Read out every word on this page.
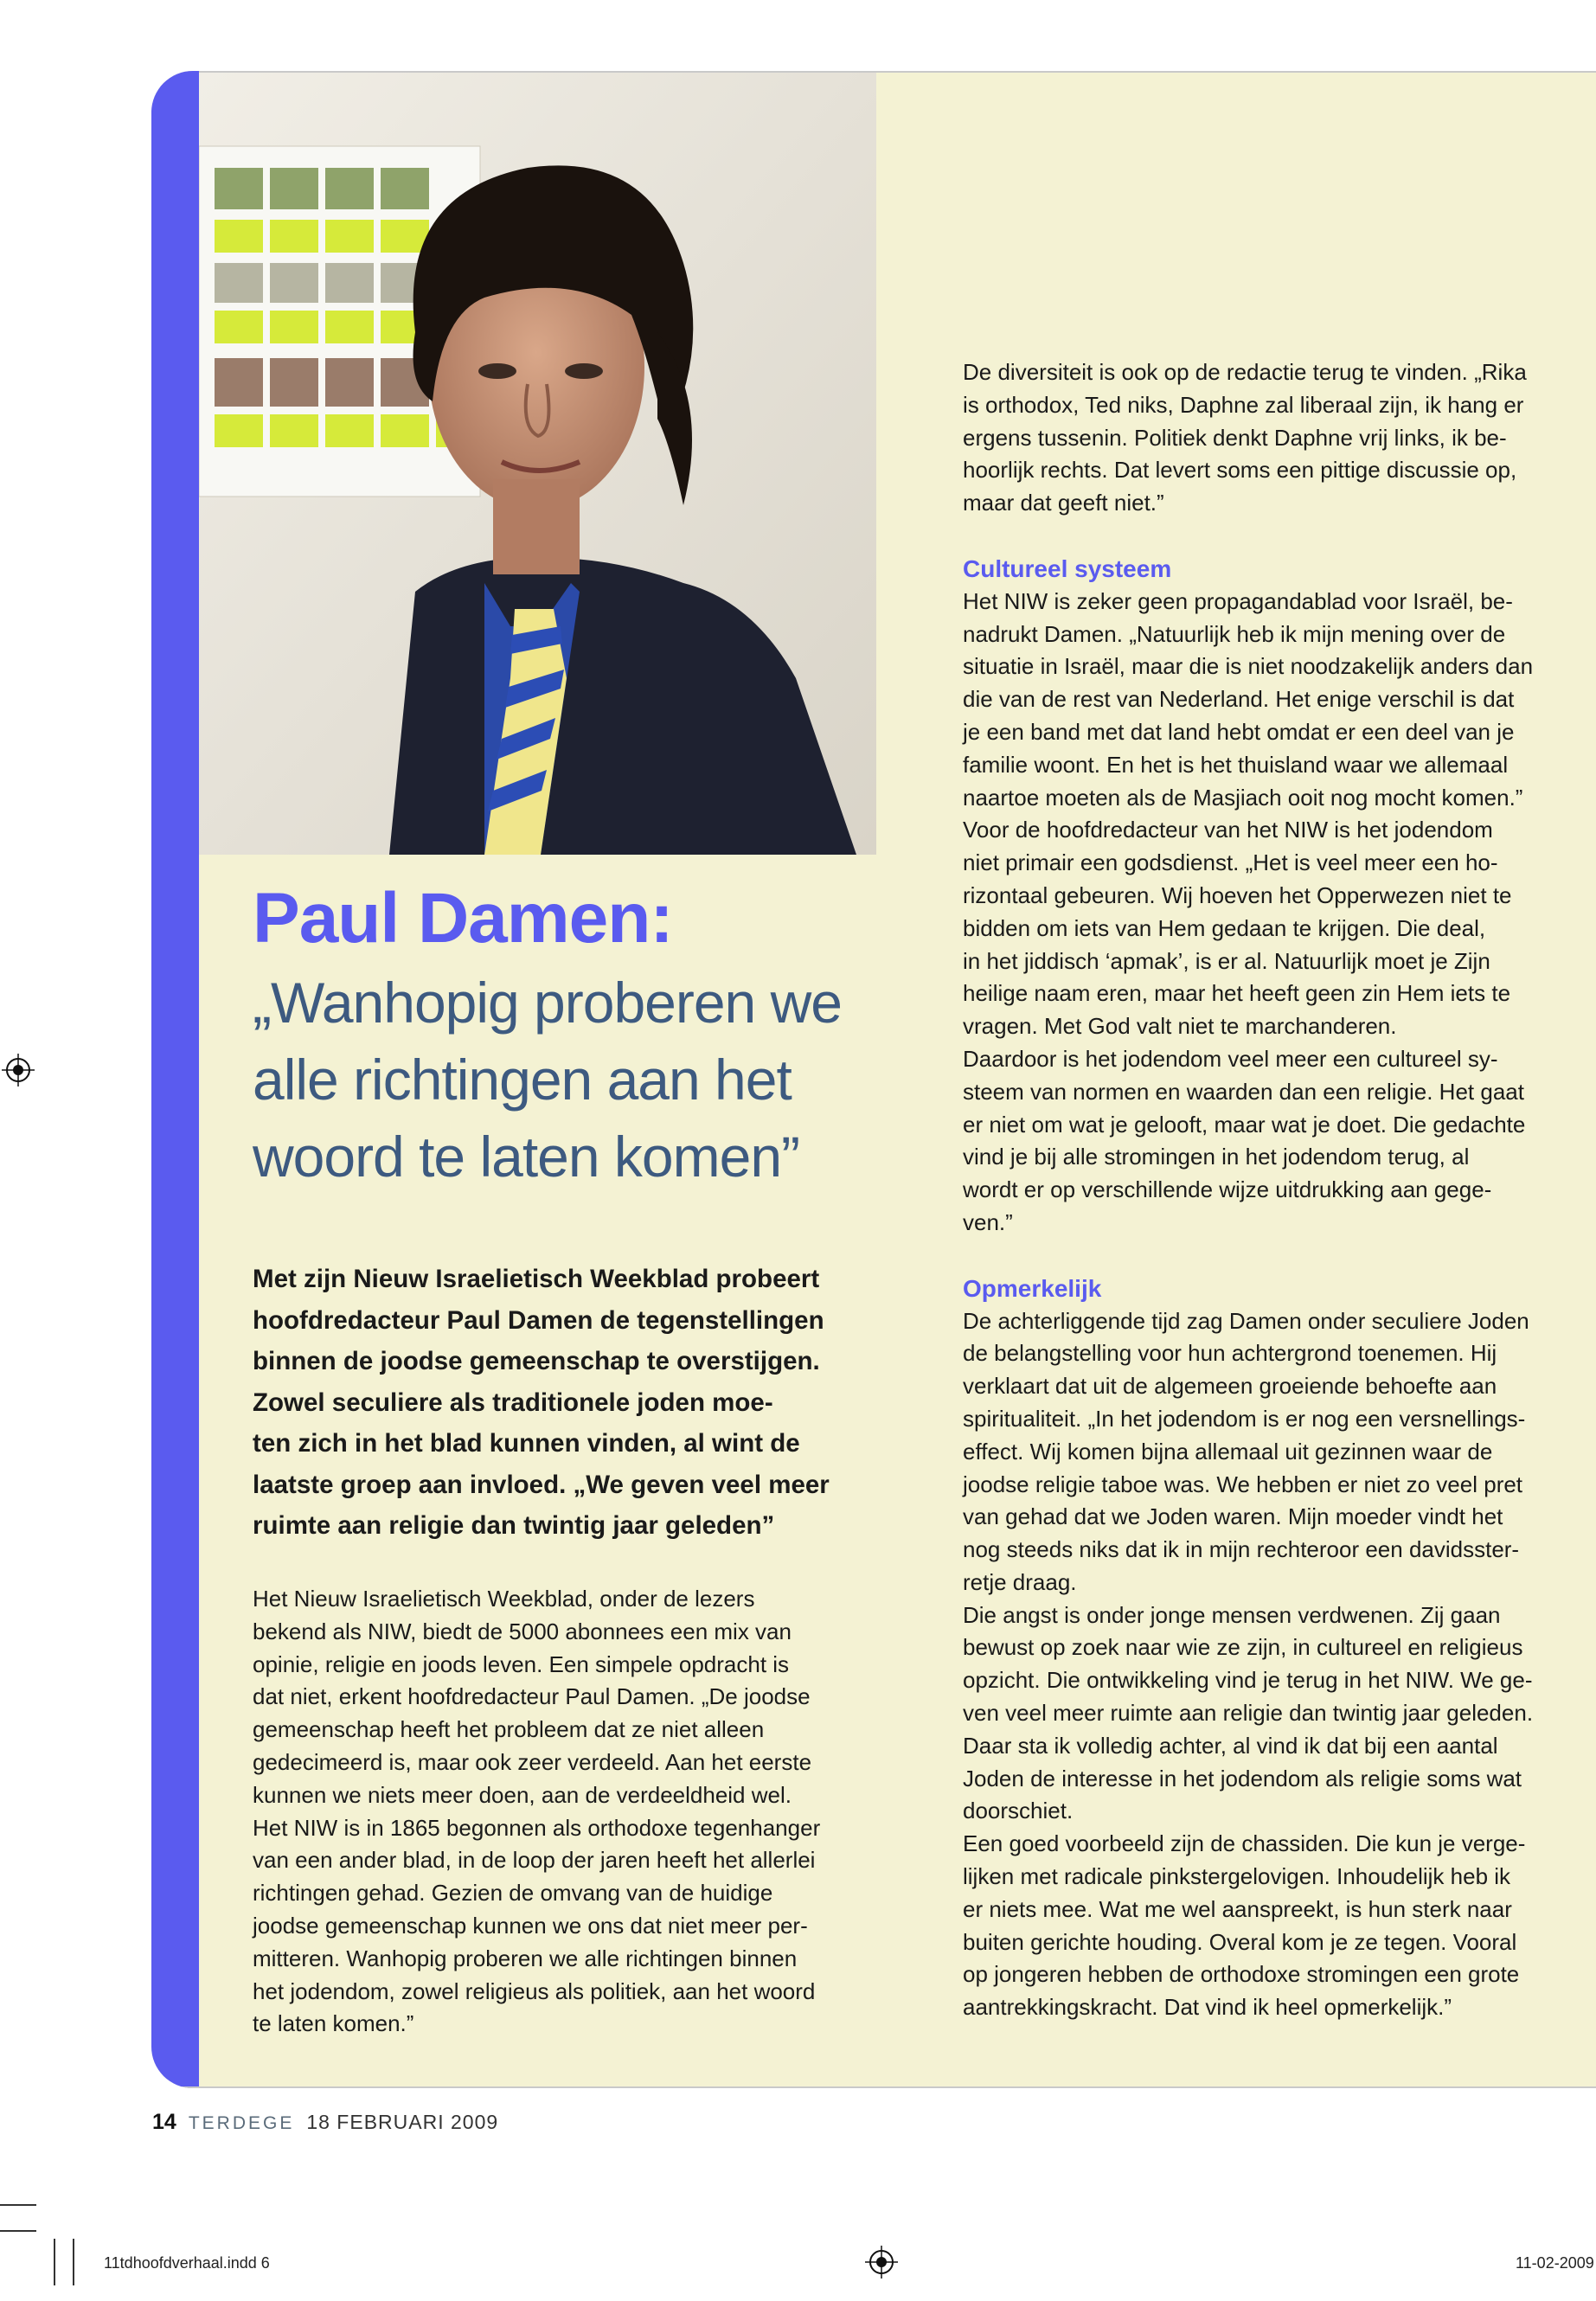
Paul Damen:
„Wanhopig proberen we
alle richtingen aan het
woord te laten komen”
Met zijn Nieuw Israelietisch Weekblad probeert
hoofdredacteur Paul Damen de tegenstellingen
binnen de joodse gemeenschap te overstijgen.
Zowel seculiere als traditionele joden moe-
ten zich in het blad kunnen vinden, al wint de
laatste groep aan invloed. „We geven veel meer
ruimte aan religie dan twintig jaar geleden”
Het Nieuw Israelietisch Weekblad, onder de lezers
bekend als NIW, biedt de 5000 abonnees een mix van
opinie, religie en joods leven. Een simpele opdracht is
dat niet, erkent hoofdredacteur Paul Damen. „De joodse
gemeenschap heeft het probleem dat ze niet alleen
gedecimeerd is, maar ook zeer verdeeld. Aan het eerste
kunnen we niets meer doen, aan de verdeeldheid wel.
Het NIW is in 1865 begonnen als orthodoxe tegenhanger
van een ander blad, in de loop der jaren heeft het allerlei
richtingen gehad. Gezien de omvang van de huidige
joodse gemeenschap kunnen we ons dat niet meer per-
mitteren. Wanhopig proberen we alle richtingen binnen
het jodendom, zowel religieus als politiek, aan het woord
te laten komen.”
De diversiteit is ook op de redactie terug te vinden. „Rika
is orthodox, Ted niks, Daphne zal liberaal zijn, ik hang er
ergens tussenin. Politiek denkt Daphne vrij links, ik be-
hoorlijk rechts. Dat levert soms een pittige discussie op,
maar dat geeft niet.”
Cultureel systeem
Het NIW is zeker geen propagandablad voor Israël, be-
nadrukt Damen. „Natuurlijk heb ik mijn mening over de
situatie in Israël, maar die is niet noodzakelijk anders dan
die van de rest van Nederland. Het enige verschil is dat
je een band met dat land hebt omdat er een deel van je
familie woont. En het is het thuisland waar we allemaal
naartoe moeten als de Masjiach ooit nog mocht komen.”
Voor de hoofdredacteur van het NIW is het jodendom
niet primair een godsdienst. „Het is veel meer een ho-
rizontaal gebeuren. Wij hoeven het Opperwezen niet te
bidden om iets van Hem gedaan te krijgen. Die deal,
in het jiddisch ‘apmak’, is er al. Natuurlijk moet je Zijn
heilige naam eren, maar het heeft geen zin Hem iets te
vragen. Met God valt niet te marchanderen.
Daardoor is het jodendom veel meer een cultureel sy-
steem van normen en waarden dan een religie. Het gaat
er niet om wat je gelooft, maar wat je doet. Die gedachte
vind je bij alle stromingen in het jodendom terug, al
wordt er op verschillende wijze uitdrukking aan gege-
ven.”
Opmerkelijk
De achterliggende tijd zag Damen onder seculiere Joden
de belangstelling voor hun achtergrond toenemen. Hij
verklaart dat uit de algemeen groeiende behoefte aan
spiritualiteit. „In het jodendom is er nog een versnellings-
effect. Wij komen bijna allemaal uit gezinnen waar de
joodse religie taboe was. We hebben er niet zo veel pret
van gehad dat we Joden waren. Mijn moeder vindt het
nog steeds niks dat ik in mijn rechteroor een davidsster-
retje draag.
Die angst is onder jonge mensen verdwenen. Zij gaan
bewust op zoek naar wie ze zijn, in cultureel en religieus
opzicht. Die ontwikkeling vind je terug in het NIW. We ge-
ven veel meer ruimte aan religie dan twintig jaar geleden.
Daar sta ik volledig achter, al vind ik dat bij een aantal
Joden de interesse in het jodendom als religie soms wat
doorschiet.
Een goed voorbeeld zijn de chassiden. Die kun je verge-
lijken met radicale pinkstergelovigen. Inhoudelijk heb ik
er niets mee. Wat me wel aanspreekt, is hun sterk naar
buiten gerichte houding. Overal kom je ze tegen. Vooral
op jongeren hebben de orthodoxe stromingen een grote
aantrekkingskracht. Dat vind ik heel opmerkelijk.”
14 TERDEGE 18 FEBRUARI 2009
11tdhoofdverhaal.indd 6	11-02-2009
